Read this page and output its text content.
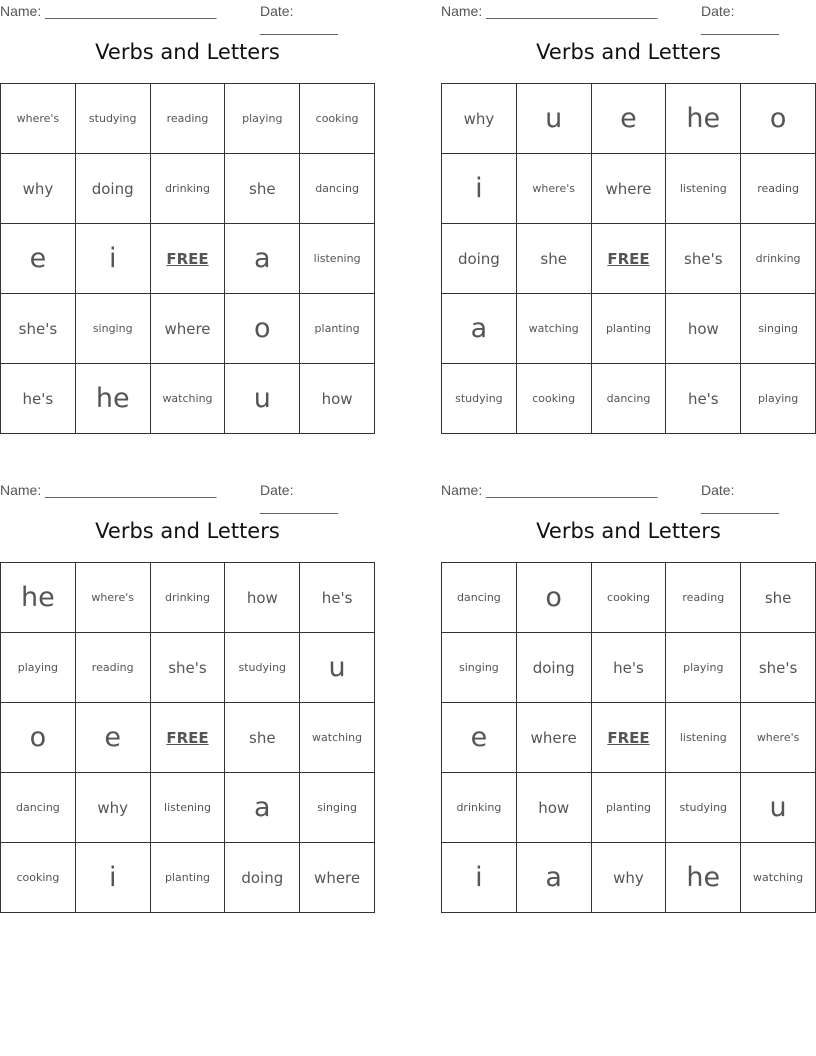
Name: ______________________	Date: __________
Verbs and Letters
where's	studying	reading	playing	cooking
why	doing	drinking	she	dancing
e	i	FREE	a	listening
she's	singing	where	o	planting
he's	he	watching	u	how
Name: ______________________	Date: __________
Verbs and Letters
why	u	e	he	o
i	where's	where	listening	reading
doing	she	FREE	she's	drinking
a	watching	planting	how	singing
studying	cooking	dancing	he's	playing
Name: ______________________	Date: __________
Verbs and Letters
he	where's	drinking	how	he's
playing	reading	she's	studying	u
o	e	FREE	she	watching
dancing	why	listening	a	singing
cooking	i	planting	doing	where
Name: ______________________	Date: __________
Verbs and Letters
dancing	o	cooking	reading	she
singing	doing	he's	playing	she's
e	where	FREE	listening	where's
drinking	how	planting	studying	u
i	a	why	he	watching
